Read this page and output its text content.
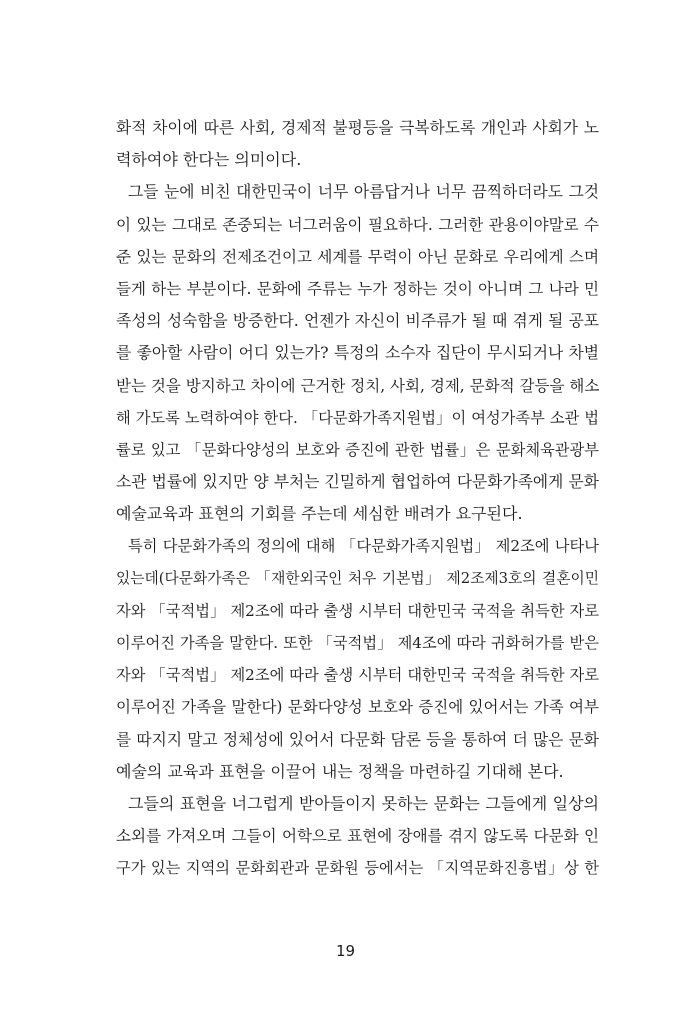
화적 차이에 따른 사회, 경제적 불평등을 극복하도록 개인과 사회가 노
력하여야 한다는 의미이다.
그들 눈에 비친 대한민국이 너무 아름답거나 너무 끔찍하더라도 그것
이 있는 그대로 존중되는 너그러움이 필요하다. 그러한 관용이야말로 수
준 있는 문화의 전제조건이고 세계를 무력이 아닌 문화로 우리에게 스며
들게 하는 부분이다. 문화에 주류는 누가 정하는 것이 아니며 그 나라 민
족성의 성숙함을 방증한다. 언젠가 자신이 비주류가 될 때 겪게 될 공포
를 좋아할 사람이 어디 있는가? 특정의 소수자 집단이 무시되거나 차별
받는 것을 방지하고 차이에 근거한 정치, 사회, 경제, 문화적 갈등을 해소
해 가도록 노력하여야 한다. 「다문화가족지원법」이 여성가족부 소관 법
률로 있고 「문화다양성의 보호와 증진에 관한 법률」은 문화체육관광부
소관 법률에 있지만 양 부처는 긴밀하게 협업하여 다문화가족에게 문화
예술교육과 표현의 기회를 주는데 세심한 배려가 요구된다.
특히 다문화가족의 정의에 대해 「다문화가족지원법」 제2조에 나타나
있는데(다문화가족은 「재한외국인 처우 기본법」 제2조제3호의 결혼이민
자와 「국적법」 제2조에 따라 출생 시부터 대한민국 국적을 취득한 자로
이루어진 가족을 말한다. 또한 「국적법」 제4조에 따라 귀화허가를 받은
자와 「국적법」 제2조에 따라 출생 시부터 대한민국 국적을 취득한 자로
이루어진 가족을 말한다) 문화다양성 보호와 증진에 있어서는 가족 여부
를 따지지 말고 정체성에 있어서 다문화 담론 등을 통하여 더 많은 문화
예술의 교육과 표현을 이끌어 내는 정책을 마련하길 기대해 본다.
그들의 표현을 너그럽게 받아들이지 못하는 문화는 그들에게 일상의
소외를 가져오며 그들이 어학으로 표현에 장애를 겪지 않도록 다문화 인
구가 있는 지역의 문화회관과 문화원 등에서는 「지역문화진흥법」상 한
19
